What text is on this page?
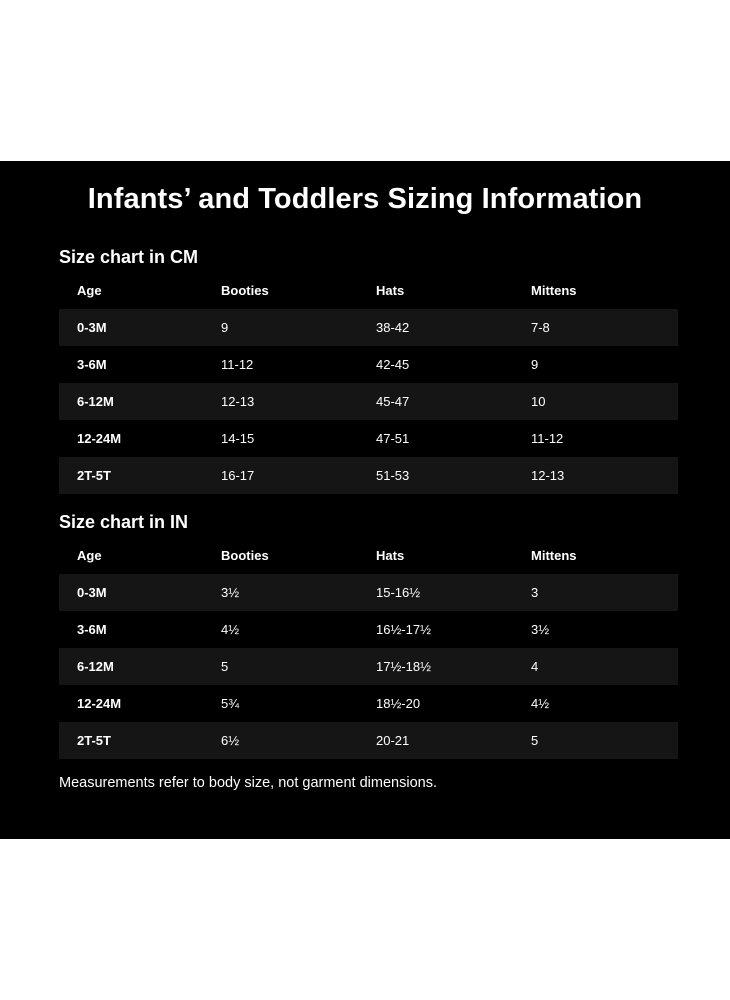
Infants’ and Toddlers Sizing Information
Size chart in CM
Age	Booties	Hats	Mittens
0-3M	9	38-42	7-8
3-6M	11-12	42-45	9
6-12M	12-13	45-47	10
12-24M	14-15	47-51	11-12
2T-5T	16-17	51-53	12-13
Size chart in IN
Age	Booties	Hats	Mittens
0-3M	3½	15-16½	3
3-6M	4½	16½-17½	3½
6-12M	5	17½-18½	4
12-24M	5¾	18½-20	4½
2T-5T	6½	20-21	5
Measurements refer to body size, not garment dimensions.
